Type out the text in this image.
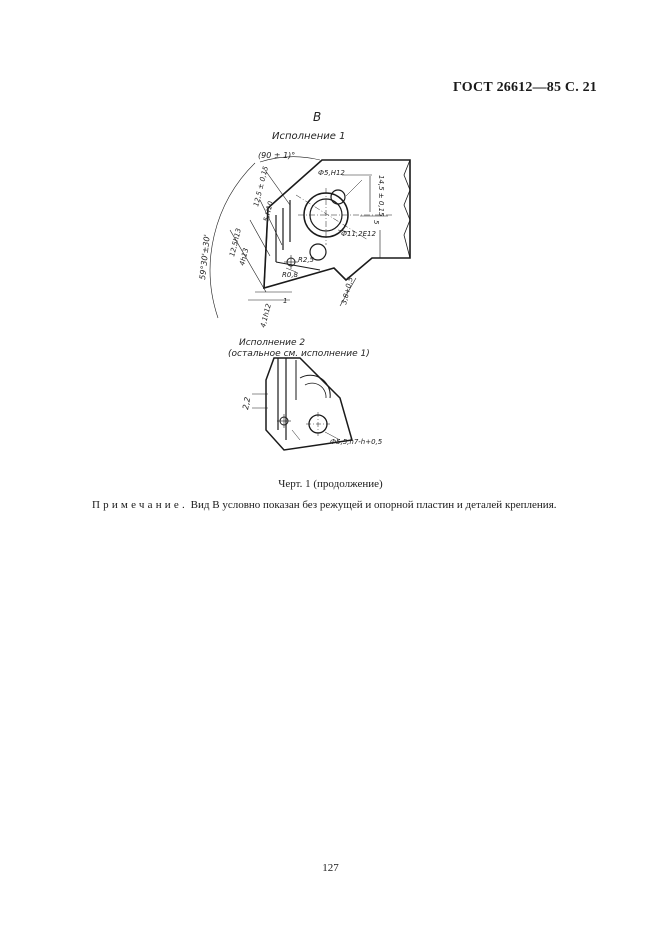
ГОСТ 26612—85 С. 21
В
Исполнение 1
(90 ± 1)°
59°30'±30'
Ф5,H12
Ф11,2Е12
14,5 ± 0,15
12,5 ± 0,15
5,H10
12,5h13
4h13
5
R2,5
R0,8
1
4,1h12
3,8+0,5
Исполнение 2
(остальное см. исполнение 1)
2,2
Ф5,5,h7-h+0,5
Черт. 1 (продолжение)
Примечание. Вид В условно показан без режущей и опорной пластин и деталей крепления.
127
